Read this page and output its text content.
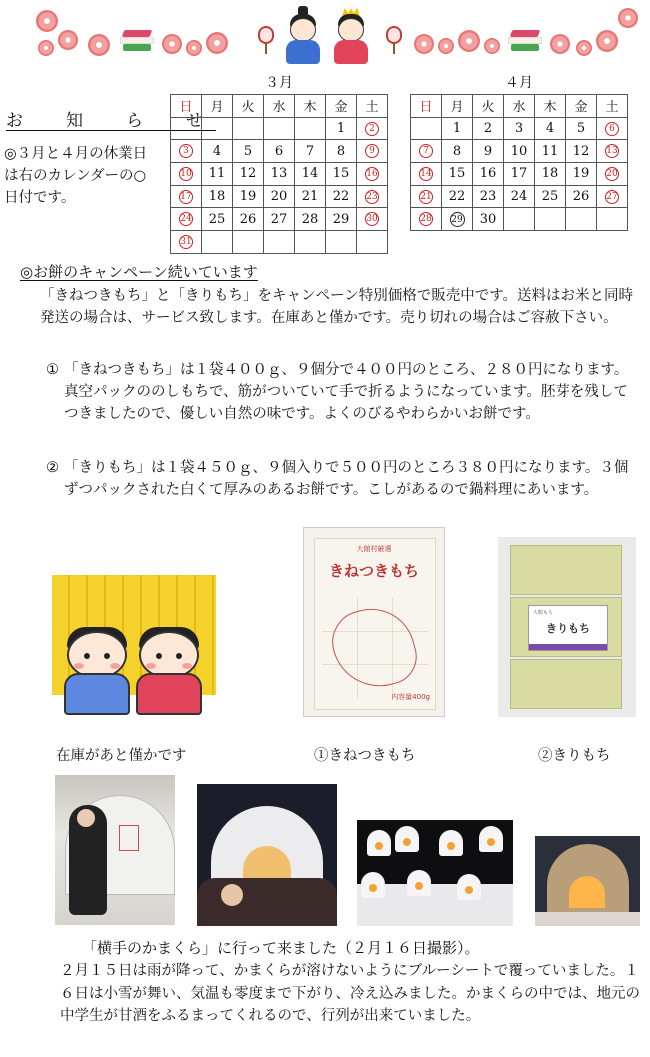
お　知　ら　せ
◎３月と４月の休業日は右のカレンダーの○日付です。
３月
日	月	火	水	木	金	土
					1	2
3	4	5	6	7	8	9
10	11	12	13	14	15	16
17	18	19	20	21	22	23
24	25	26	27	28	29	30
31						
４月
日	月	火	水	木	金	土
	1	2	3	4	5	6
7	8	9	10	11	12	13
14	15	16	17	18	19	20
21	22	23	24	25	26	27
28	29	30				
◎お餅のキャンペーン続いています
「きねつきもち」と「きりもち」をキャンペーン特別価格で販売中です。送料はお米と同時発送の場合は、サービス致します。在庫あと僅かです。売り切れの場合はご容赦下さい。
① 「きねつきもち」は１袋４００ｇ、９個分で４００円のところ、２８０円になります。真空パックののしもちで、筋がついていて手で折るようになっています。胚芽を残してつきましたので、優しい自然の味です。よくのびるやわらかいお餅です。
② 「きりもち」は１袋４５０ｇ、９個入りで５００円のところ３８０円になります。３個ずつパックされた白くて厚みのあるお餅です。こしがあるので鍋料理にあいます。
大館村厳選
きねつきもち
内容量400g
大館もち
きりもち
在庫があと僅かです	①きねつきもち	②きりもち
「横手のかまくら」に行って来ました（２月１６日撮影）。
２月１５日は雨が降って、かまくらが溶けないようにブルーシートで覆っていました。１６日は小雪が舞い、気温も零度まで下がり、冷え込みました。かまくらの中では、地元の中学生が甘酒をふるまってくれるので、行列が出来ていました。
